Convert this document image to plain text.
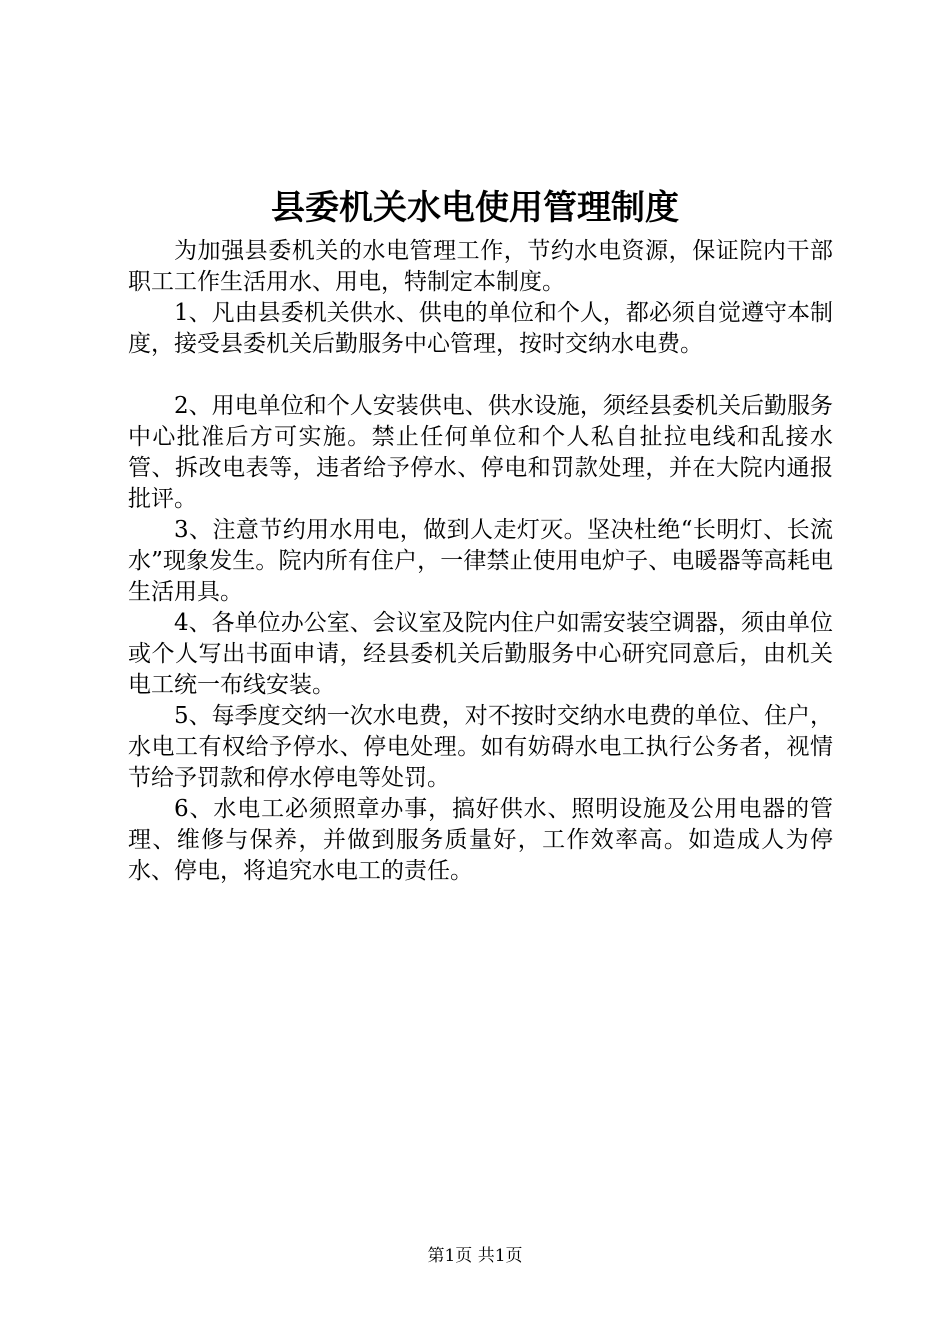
县委机关水电使用管理制度

为加强县委机关的水电管理工作，节约水电资源，保证院内干部职工工作生活用水、用电，特制定本制度。

1、凡由县委机关供水、供电的单位和个人，都必须自觉遵守本制度，接受县委机关后勤服务中心管理，按时交纳水电费。

2、用电单位和个人安装供电、供水设施，须经县委机关后勤服务中心批准后方可实施。禁止任何单位和个人私自扯拉电线和乱接水管、拆改电表等，违者给予停水、停电和罚款处理，并在大院内通报批评。

3、注意节约用水用电，做到人走灯灭。坚决杜绝“长明灯、长流水”现象发生。院内所有住户，一律禁止使用电炉子、电暖器等高耗电生活用具。

4、各单位办公室、会议室及院内住户如需安装空调器，须由单位或个人写出书面申请，经县委机关后勤服务中心研究同意后，由机关电工统一布线安装。

5、每季度交纳一次水电费，对不按时交纳水电费的单位、住户，水电工有权给予停水、停电处理。如有妨碍水电工执行公务者，视情节给予罚款和停水停电等处罚。

6、水电工必须照章办事，搞好供水、照明设施及公用电器的管理、维修与保养，并做到服务质量好，工作效率高。如造成人为停水、停电，将追究水电工的责任。

第1页 共1页
